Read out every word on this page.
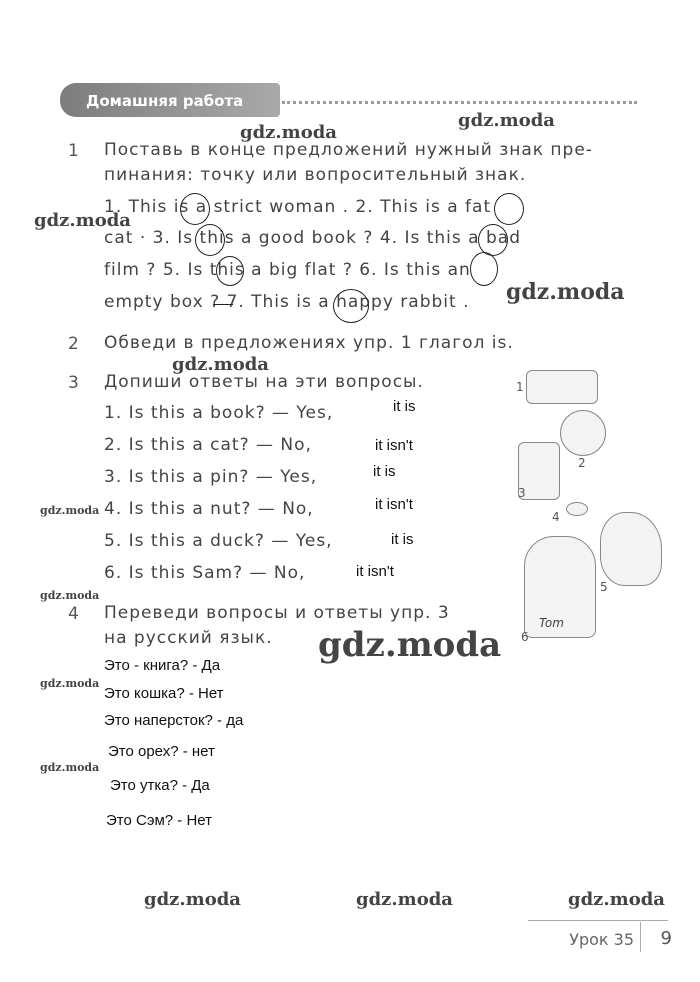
Домашняя работа
gdz.moda
gdz.moda
gdz.moda
gdz.moda
gdz.moda
gdz.moda
gdz.moda
gdz.moda
gdz.moda
gdz.moda
gdz.moda	gdz.moda	gdz.moda
1 Поставь в конце предложений нужный знак пре-
пинания: точку или вопросительный знак.
1. This is a strict woman . 2. This is a fat
cat · 3. Is this a good book ? 4. Is this a bad
film ? 5. Is this a big flat ? 6. Is this an
empty box ? 7. This is a happy rabbit .
2 Обведи в предложениях упр. 1 глагол is.
3 Допиши ответы на эти вопросы.
1. Is this a book? — Yes,
2. Is this a cat? — No,
3. Is this a pin? — Yes,
4. Is this a nut? — No,
5. Is this a duck? — Yes,
6. Is this Sam? — No,
it is
it isn't
it is
it isn't
it is
it isn't
1
2
3
4
5
6
Tom
4 Переведи вопросы и ответы упр. 3
на русский язык.
Это - книга? - Да
Это кошка? - Нет
Это наперсток? - да
Это орех? - нет
Это утка? - Да
Это Сэм? - Нет
Урок 35 9
